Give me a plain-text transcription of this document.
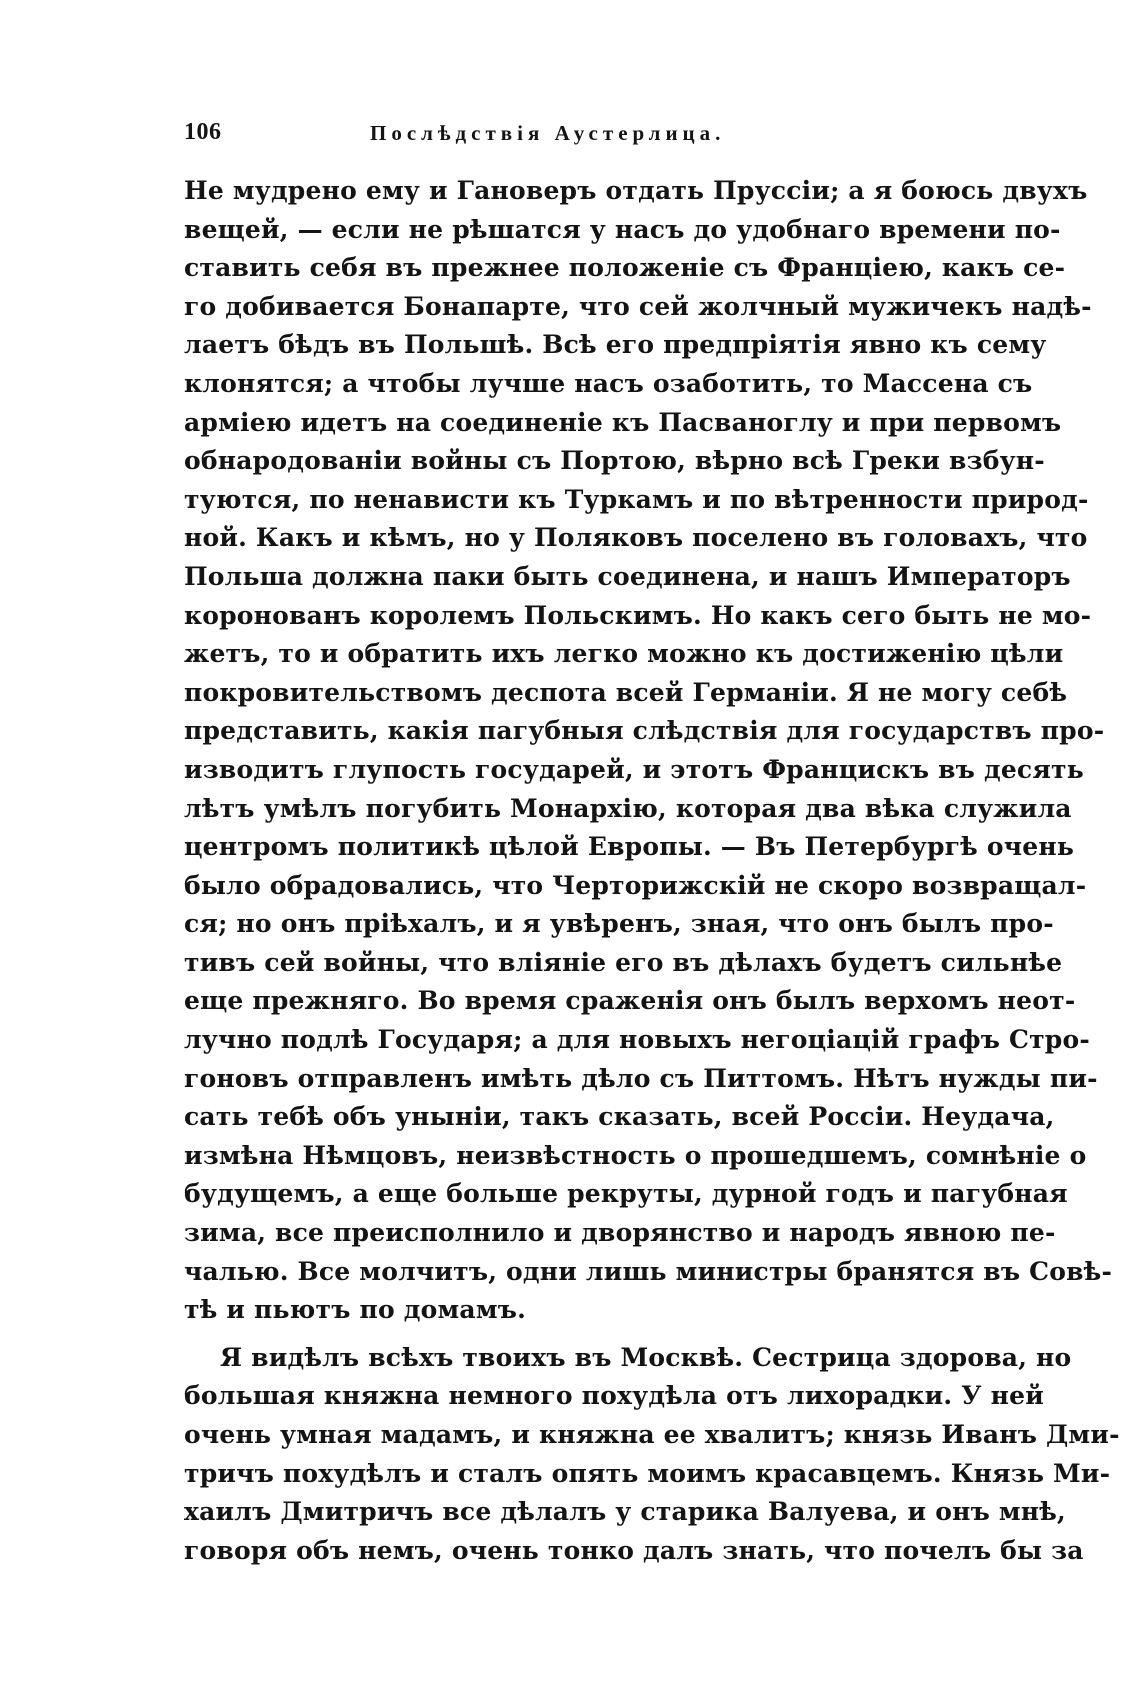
106	Послѣдствія Аустерлица.

Не мудрено ему и Гановеръ отдать Пруссіи; а я боюсь двухъ
вещей, — если не рѣшатся у насъ до удобнаго времени по-
ставить себя въ прежнее положеніе съ Франціею, какъ се-
го добивается Бонапарте, что сей жолчный мужичекъ надѣ-
лаетъ бѣдъ въ Польшѣ. Всѣ его предпріятія явно къ сему
клонятся; а чтобы лучше насъ озаботить, то Массена съ
арміею идетъ на соединеніе къ Пасваноглу и при первомъ
обнародованіи войны съ Портою, вѣрно всѣ Греки взбун-
туются, по ненависти къ Туркамъ и по вѣтренности природ-
ной. Какъ и кѣмъ, но у Поляковъ поселено въ головахъ, что
Польша должна паки быть соединена, и нашъ Императоръ
коронованъ королемъ Польскимъ. Но какъ сего быть не мо-
жетъ, то и обратить ихъ легко можно къ достиженію цѣли
покровительствомъ деспота всей Германіи. Я не могу себѣ
представить, какія пагубныя слѣдствія для государствъ про-
изводитъ глупость государей, и этотъ Францискъ въ десять
лѣтъ умѣлъ погубить Монархію, которая два вѣка служила
центромъ политикѣ цѣлой Европы. — Въ Петербургѣ очень
было обрадовались, что Черторижскій не скоро возвращал-
ся; но онъ пріѣхалъ, и я увѣренъ, зная, что онъ былъ про-
тивъ сей войны, что вліяніе его въ дѣлахъ будетъ сильнѣе
еще прежняго. Во время сраженія онъ былъ верхомъ неот-
лучно подлѣ Государя; а для новыхъ негоціацій графъ Стро-
гоновъ отправленъ имѣть дѣло съ Питтомъ. Нѣтъ нужды пи-
сать тебѣ объ унынiи, такъ сказать, всей Россіи. Неудача,
измѣна Нѣмцовъ, неизвѣстность о прошедшемъ, сомнѣніе о
будущемъ, а еще больше рекруты, дурной годъ и пагубная
зима, все преисполнило и дворянство и народъ явною пе-
чалью. Все молчитъ, одни лишь министры бранятся въ Совѣ-
тѣ и пьютъ по домамъ.

Я видѣлъ всѣхъ твоихъ въ Москвѣ. Сестрица здорова, но
большая княжна немного похудѣла отъ лихорадки. У ней
очень умная мадамъ, и княжна ее хвалитъ; князь Иванъ Дми-
тричъ похудѣлъ и сталъ опять моимъ красавцемъ. Князь Ми-
хаилъ Дмитричъ все дѣлалъ у старика Валуева, и онъ мнѣ,
говоря объ немъ, очень тонко далъ знать, что почелъ бы за
